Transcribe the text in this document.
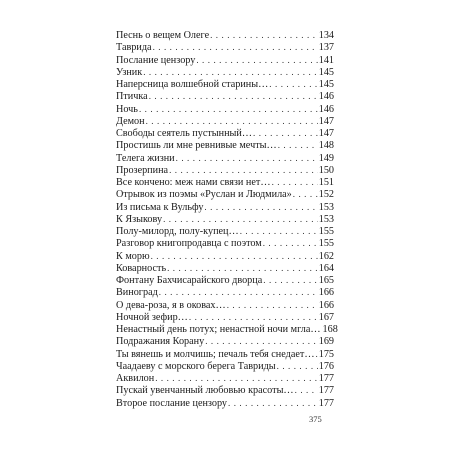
Песнь о вещем Олеге . . .	134
Таврида . . .	137
Послание цензору . . .	141
Узник . . .	145
Наперсница волшебной старины… . . .	145
Птичка . . .	146
Ночь . . .	146
Демон . . .	147
Свободы сеятель пустынный… . . .	147
Простишь ли мне ревнивые мечты… . . .	148
Телега жизни . . .	149
Прозерпина . . .	150
Все кончено: меж нами связи нет… . . .	151
Отрывок из поэмы «Руслан и Людмила» . . .	152
Из письма к Вульфу . . .	153
К Языкову . . .	153
Полу-милорд, полу-купец… . . .	155
Разговор книгопродавца с поэтом . . .	155
К морю . . .	162
Коварность . . .	164
Фонтану Бахчисарайского дворца . . .	165
Виноград . . .	166
О дева-роза, я в оковах… . . .	166
Ночной зефир… . . .	167
Ненастный день потух; ненастной ночи мгла… 168
Подражания Корану . . .	169
Ты вянешь и молчишь; печаль тебя снедает… . . . 175
Чаадаеву с морского берега Тавриды . . .	176
Аквилон . . .	177
Пускай увенчанный любовью красоты… . . . 177
Второе послание цензору . . .	177
375
